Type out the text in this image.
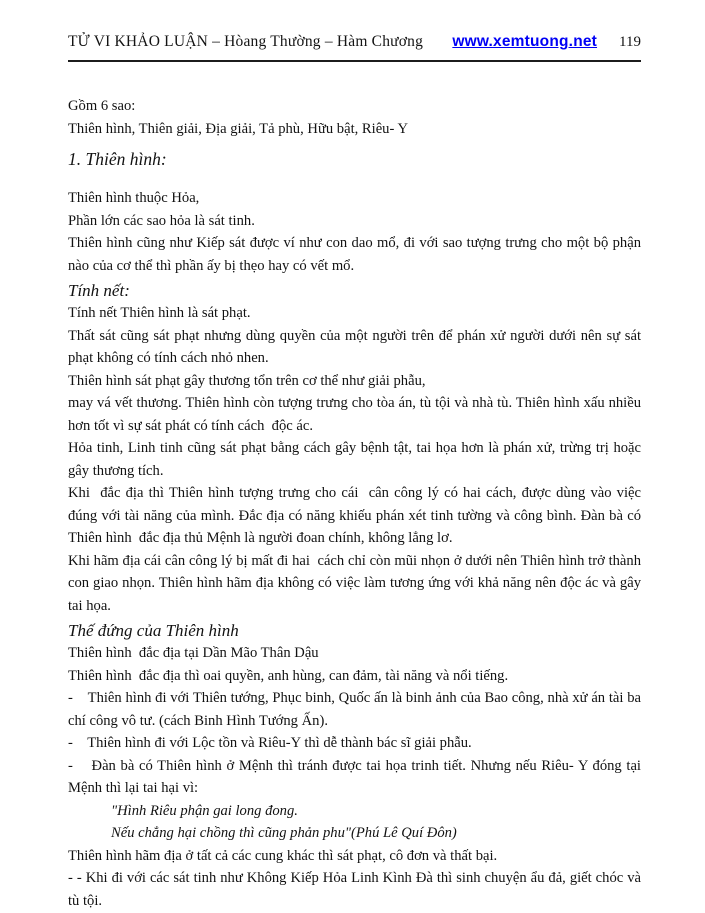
TỬ VI KHẢO LUẬN – Hòang Thường – Hàm Chương www.xemtuong.net 119
Gồm 6 sao:
Thiên hình, Thiên giải, Địa giải, Tả phù, Hữu bật, Riêu- Y
1. Thiên hình:
Thiên hình thuộc Hỏa,
Phần lớn các sao hỏa là sát tinh.
Thiên hình cũng như Kiếp sát được ví như con dao mổ, đi với sao tượng trưng cho một bộ phận nào của cơ thể thì phần ấy bị thẹo hay có vết mổ.
Tính nết:
Tính nết Thiên hình là sát phạt.
Thất sát cũng sát phạt nhưng dùng quyền của một người trên để phán xử người dưới nên sự sát phạt không có tính cách nhỏ nhen.
Thiên hình sát phạt gây thương tổn trên cơ thể như giải phẫu,
may vá vết thương. Thiên hình còn tượng trưng cho tòa án, tù tội và nhà tù. Thiên hình xấu nhiều hơn tốt vì sự sát phát có tính cách  độc ác.
Hỏa tinh, Linh tinh cũng sát phạt bằng cách gây bệnh tật, tai họa hơn là phán xử, trừng trị hoặc gây thương tích.
Khi  đắc địa thì Thiên hình tượng trưng cho cái  cân công lý có hai cách, được dùng vào việc  đúng với tài năng của mình. Đắc địa có năng khiếu phán xét tinh tường và công bình. Đàn bà có Thiên hình  đắc địa thủ Mệnh là người đoan chính, không lẳng lơ.
Khi hãm địa cái cân công lý bị mất đi hai  cách chỉ còn mũi nhọn ở dưới nên Thiên hình trở thành con giao nhọn. Thiên hình hãm địa không có việc làm tương ứng với khả năng nên độc ác và gây tai họa.
Thế đứng của Thiên hình
Thiên hình  đắc địa tại Dần Mão Thân Dậu
Thiên hình  đắc địa thì oai quyền, anh hùng, can đảm, tài năng và nổi tiếng.
-    Thiên hình đi với Thiên tướng, Phục binh, Quốc ấn là binh ảnh của Bao công, nhà xử án tài ba chí công vô tư. (cách Binh Hình Tướng Ấn).
-    Thiên hình đi với Lộc tồn và Riêu-Y thì dễ thành bác sĩ giải phẫu.
-    Đàn bà có Thiên hình ở Mệnh thì tránh được tai họa trinh tiết. Nhưng nếu Riêu- Y đóng tại Mệnh thì lại tai hại vì:
"Hình Riêu phận gai long đong.
Nếu chẳng hại chồng thì cũng phản phu"(Phú Lê Quí Đôn)
Thiên hình hãm địa ở tất cả các cung khác thì sát phạt, cô đơn và thất bại.
- - Khi đi với các sát tinh như Không Kiếp Hỏa Linh Kình Đà thì sinh chuyện ẩu đả, giết chóc và tù tội.
